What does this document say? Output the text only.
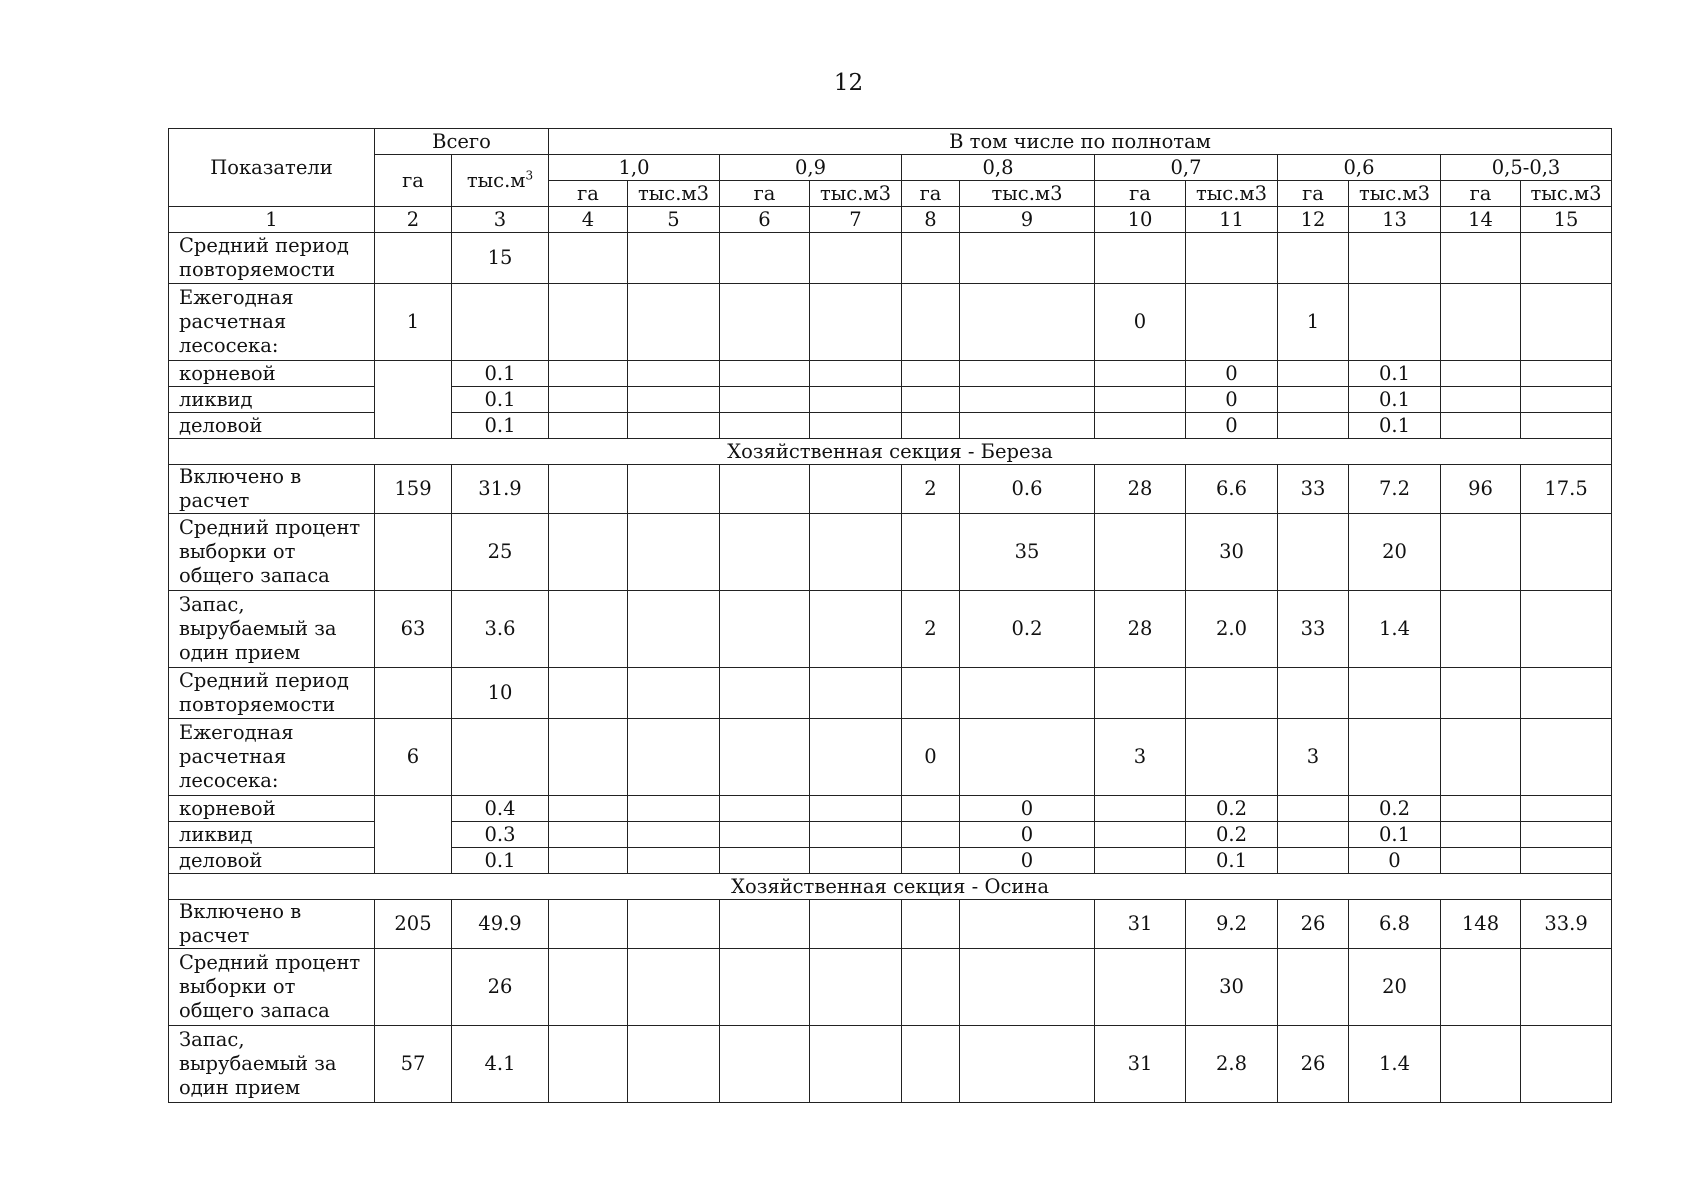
12
Показатели	Всего		В том числе по полнотам											
	га	$тыс.м^3$	1,0		0,9		0,8		0,7		0,6		0,5-0,3	
			га	тыс.м3	га	тыс.м3	га	тыс.м3	га	тыс.м3	га	тыс.м3	га	тыс.м3
1	2	3	4	5	6	7	8	9	10	11	12	13	14	15
Средний период повторяемости		15												
Ежегодная расчетная лесосека:	1								0		1			
корневой		0.1								0		0.1		
ликвид		0.1								0		0.1		
деловой		0.1								0		0.1		
Хозяйственная секция - Береза														
Включено в расчет	159	31.9					2	0.6	28	6.6	33	7.2	96	17.5
Средний процент выборки от общего запаса		25						35		30		20		
Запас, вырубаемый за один прием	63	3.6					2	0.2	28	2.0	33	1.4		
Средний период повторяемости		10												
Ежегодная расчетная лесосека:	6						0		3		3			
корневой		0.4						0		0.2		0.2		
ликвид		0.3						0		0.2		0.1		
деловой		0.1						0		0.1		0		
Хозяйственная секция - Осина														
Включено в расчет	205	49.9							31	9.2	26	6.8	148	33.9
Средний процент выборки от общего запаса		26								30		20		
Запас, вырубаемый за один прием	57	4.1							31	2.8	26	1.4		
